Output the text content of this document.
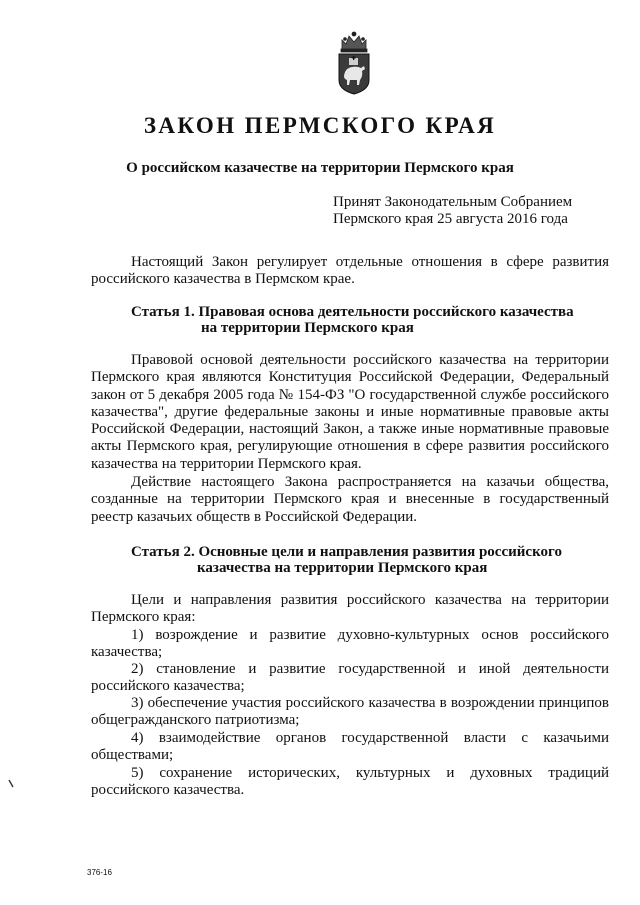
ЗАКОН ПЕРМСКОГО КРАЯ
О российском казачестве на территории Пермского края
Принят Законодательным Собранием
Пермского края 25 августа 2016 года
Настоящий Закон регулирует отдельные отношения в сфере развития российского казачества в Пермском крае.
Статья 1. Правовая основа деятельности российского казачества
на территории Пермского края
Правовой основой деятельности российского казачества на территории Пермского края являются Конституция Российской Федерации, Федеральный закон от 5 декабря 2005 года № 154-ФЗ "О государственной службе российского казачества", другие федеральные законы и иные нормативные правовые акты Российской Федерации, настоящий Закон, а также иные нормативные правовые акты Пермского края, регулирующие отношения в сфере развития российского казачества на территории Пермского края.
Действие настоящего Закона распространяется на казачьи общества, созданные на территории Пермского края и внесенные в государственный реестр казачьих обществ в Российской Федерации.
Статья 2. Основные цели и направления развития российского
казачества на территории Пермского края
Цели и направления развития российского казачества на территории Пермского края:
1) возрождение и развитие духовно-культурных основ российского казачества;
2) становление и развитие государственной и иной деятельности российского казачества;
3) обеспечение участия российского казачества в возрождении принципов общегражданского патриотизма;
4) взаимодействие органов государственной власти с казачьими обществами;
5) сохранение исторических, культурных и духовных традиций российского казачества.
376-16
